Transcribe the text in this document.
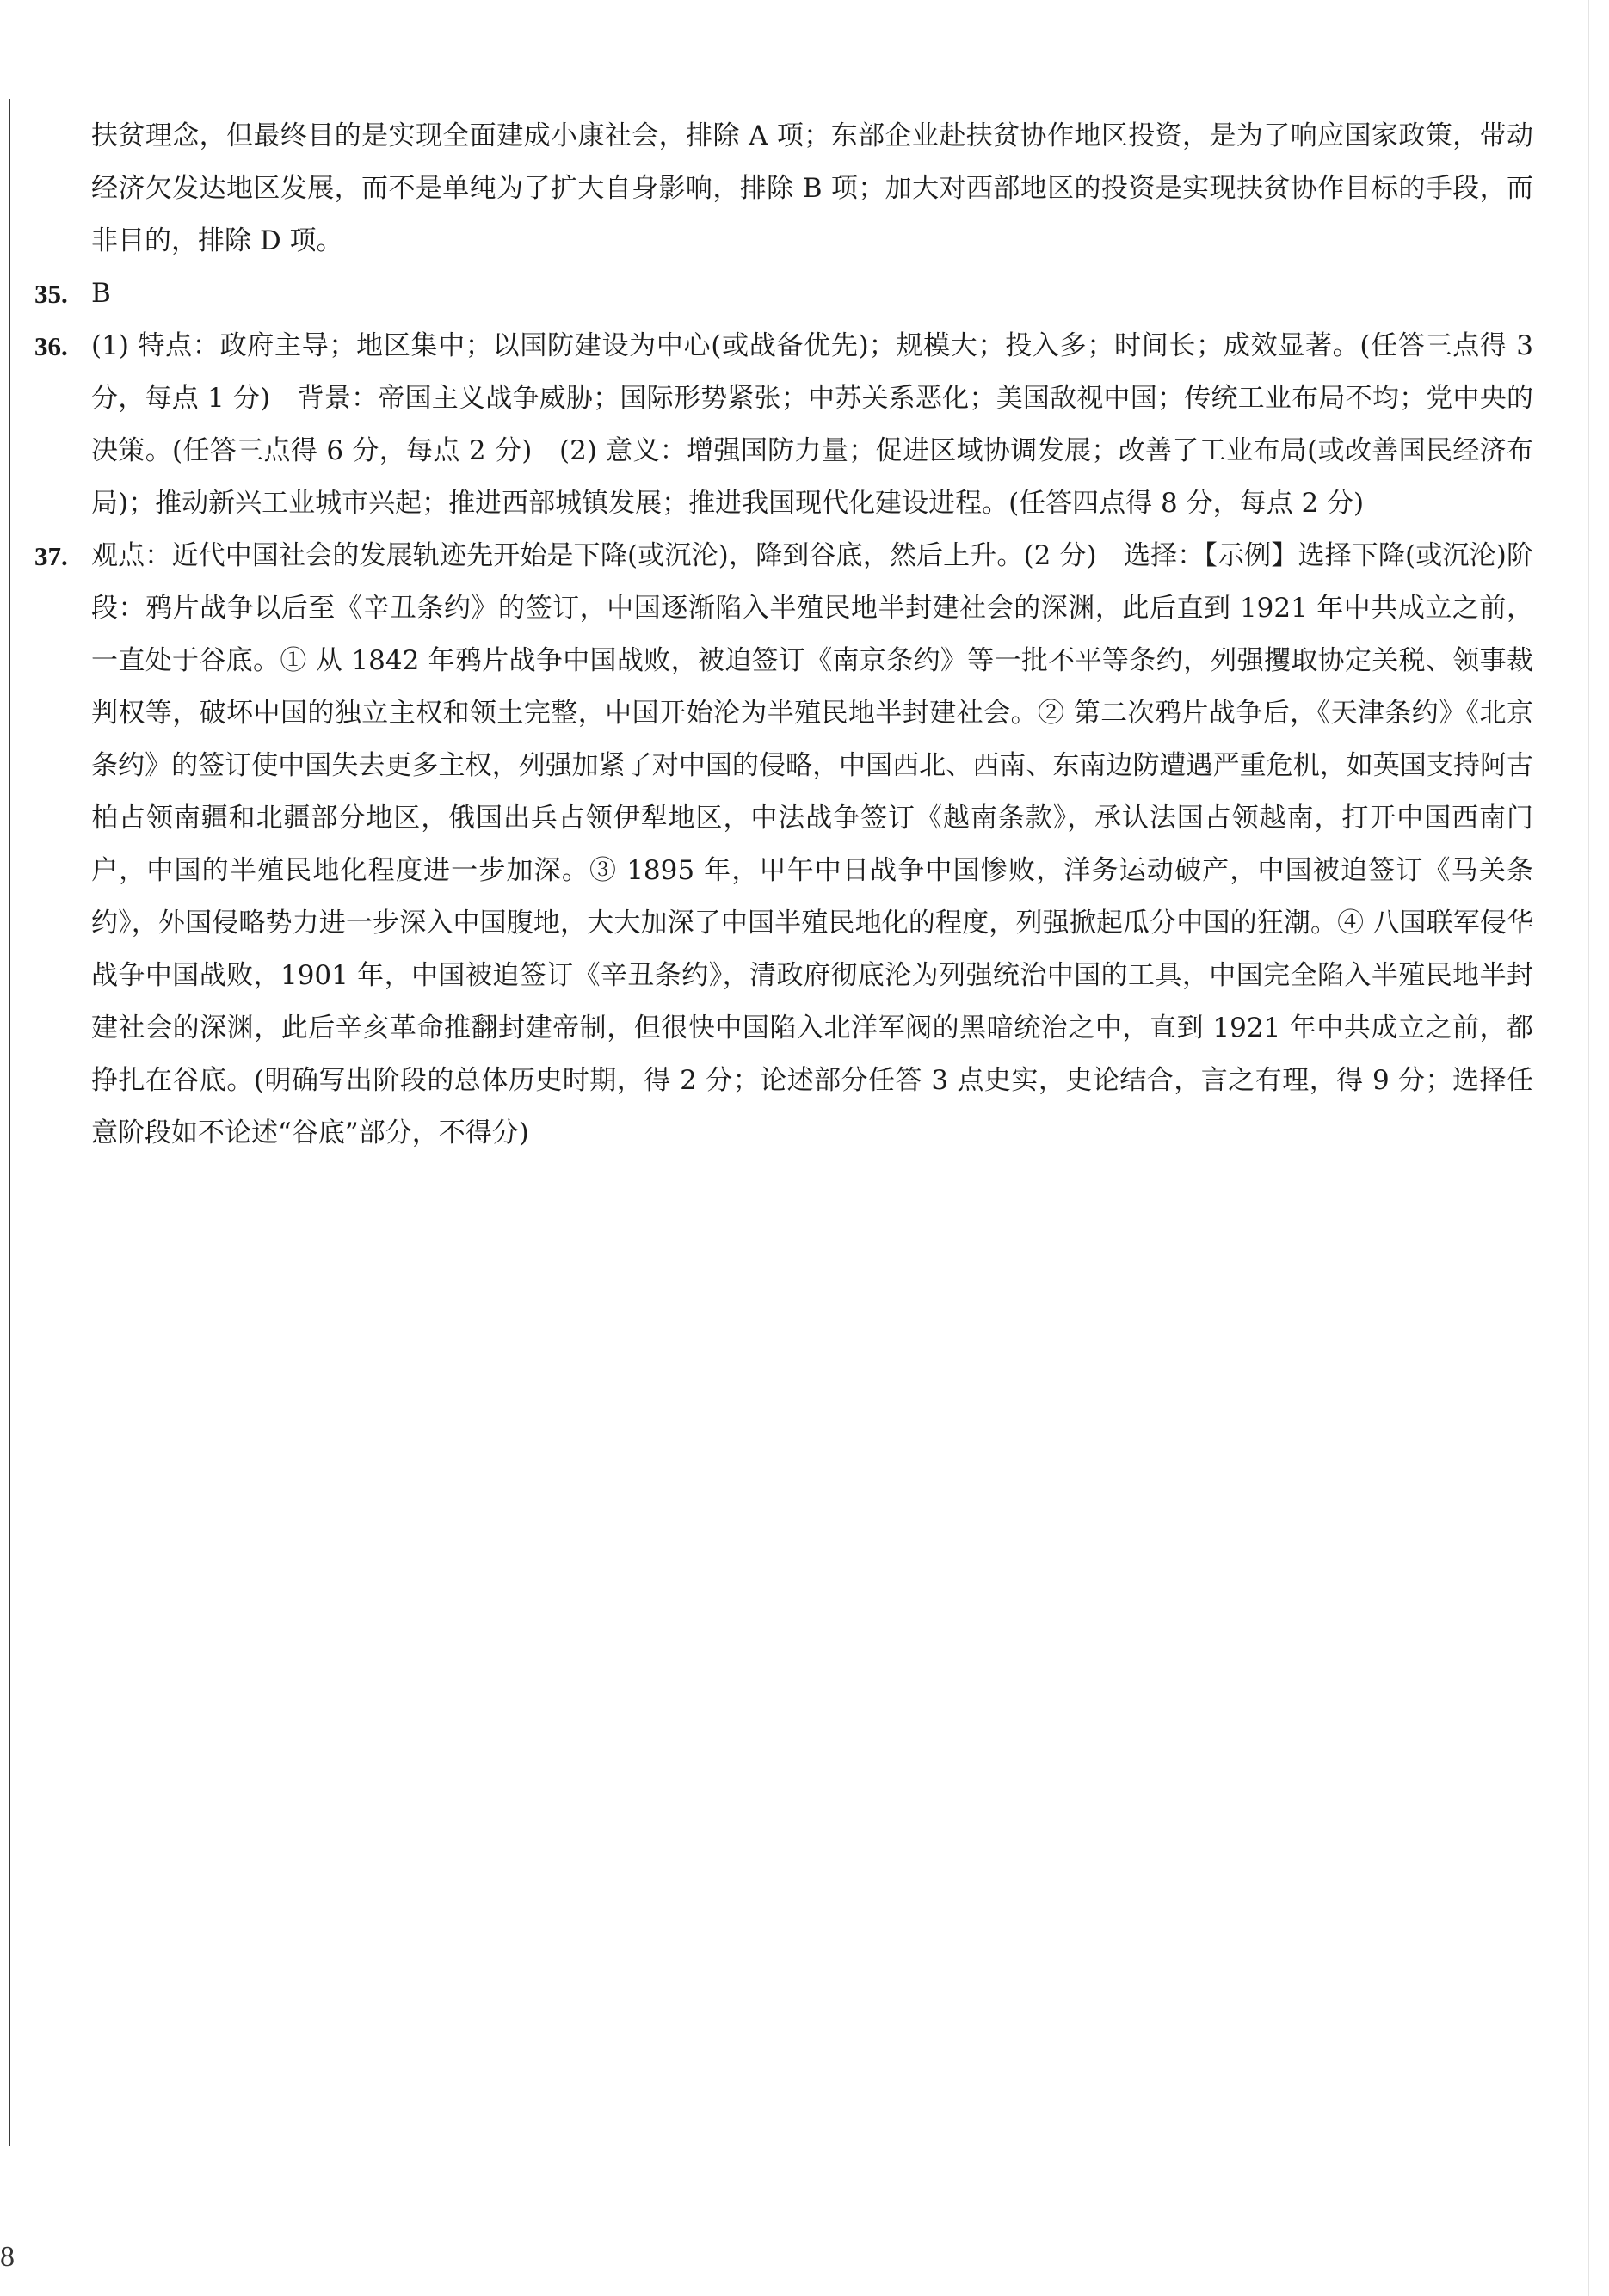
扶贫理念，但最终目的是实现全面建成小康社会，排除 A 项；东部企业赴扶贫协作地区投资，是为了响应国家政策，带动经济欠发达地区发展，而不是单纯为了扩大自身影响，排除 B 项；加大对西部地区的投资是实现扶贫协作目标的手段，而非目的，排除 D 项。

35. B
36. (1) 特点：政府主导；地区集中；以国防建设为中心(或战备优先)；规模大；投入多；时间长；成效显著。(任答三点得 3 分，每点 1 分)　背景：帝国主义战争威胁；国际形势紧张；中苏关系恶化；美国敌视中国；传统工业布局不均；党中央的决策。(任答三点得 6 分，每点 2 分)　(2) 意义：增强国防力量；促进区域协调发展；改善了工业布局(或改善国民经济布局)；推动新兴工业城市兴起；推进西部城镇发展；推进我国现代化建设进程。(任答四点得 8 分，每点 2 分)
37. 观点：近代中国社会的发展轨迹先开始是下降(或沉沦)，降到谷底，然后上升。(2 分)　选择：【示例】选择下降(或沉沦)阶段：鸦片战争以后至《辛丑条约》的签订，中国逐渐陷入半殖民地半封建社会的深渊，此后直到 1921 年中共成立之前，一直处于谷底。① 从 1842 年鸦片战争中国战败，被迫签订《南京条约》等一批不平等条约，列强攫取协定关税、领事裁判权等，破坏中国的独立主权和领土完整，中国开始沦为半殖民地半封建社会。② 第二次鸦片战争后，《天津条约》《北京条约》的签订使中国失去更多主权，列强加紧了对中国的侵略，中国西北、西南、东南边防遭遇严重危机，如英国支持阿古柏占领南疆和北疆部分地区，俄国出兵占领伊犁地区，中法战争签订《越南条款》，承认法国占领越南，打开中国西南门户，中国的半殖民地化程度进一步加深。③ 1895 年，甲午中日战争中国惨败，洋务运动破产，中国被迫签订《马关条约》，外国侵略势力进一步深入中国腹地，大大加深了中国半殖民地化的程度，列强掀起瓜分中国的狂潮。④ 八国联军侵华战争中国战败，1901 年，中国被迫签订《辛丑条约》，清政府彻底沦为列强统治中国的工具，中国完全陷入半殖民地半封建社会的深渊，此后辛亥革命推翻封建帝制，但很快中国陷入北洋军阀的黑暗统治之中，直到 1921 年中共成立之前，都挣扎在谷底。(明确写出阶段的总体历史时期，得 2 分；论述部分任答 3 点史实，史论结合，言之有理，得 9 分；选择任意阶段如不论述“谷底”部分，不得分)
8
